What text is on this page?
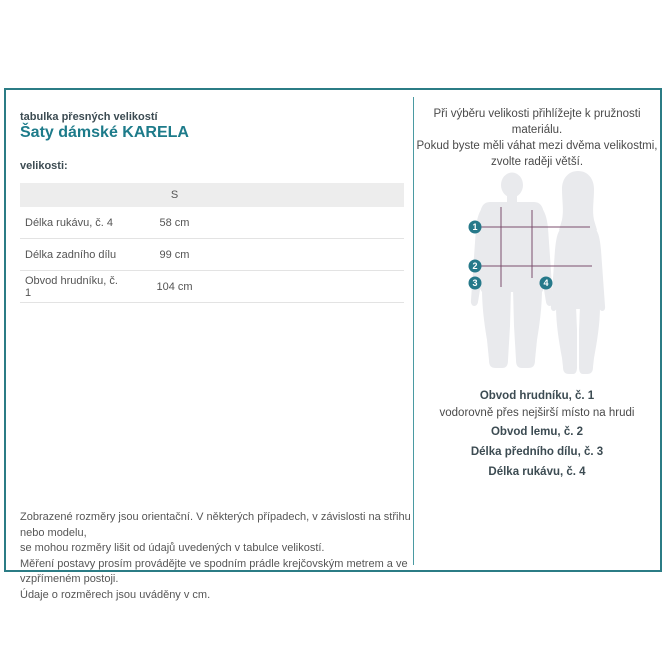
tabulka přesných velikostí
Šaty dámské KARELA
velikosti:
	S	
Délka rukávu, č. 4	58 cm	
Délka zadního dílu	99 cm	
Obvod hrudníku, č. 1	104 cm	
Zobrazené rozměry jsou orientační. V některých případech, v závislosti na střihu nebo modelu,
se mohou rozměry lišit od údajů uvedených v tabulce velikostí.
Měření postavy prosím provádějte ve spodním prádle krejčovským metrem a ve vzpřímeném postoji.
Údaje o rozměrech jsou uváděny v cm.
Při výběru velikosti přihlížejte k pružnosti materiálu.
Pokud byste měli váhat mezi dvěma velikostmi,
zvolte raději větší.
1
2
3	4
Obvod hrudníku, č. 1
vodorovně přes nejširší místo na hrudi
Obvod lemu, č. 2
Délka předního dílu, č. 3
Délka rukávu, č. 4
